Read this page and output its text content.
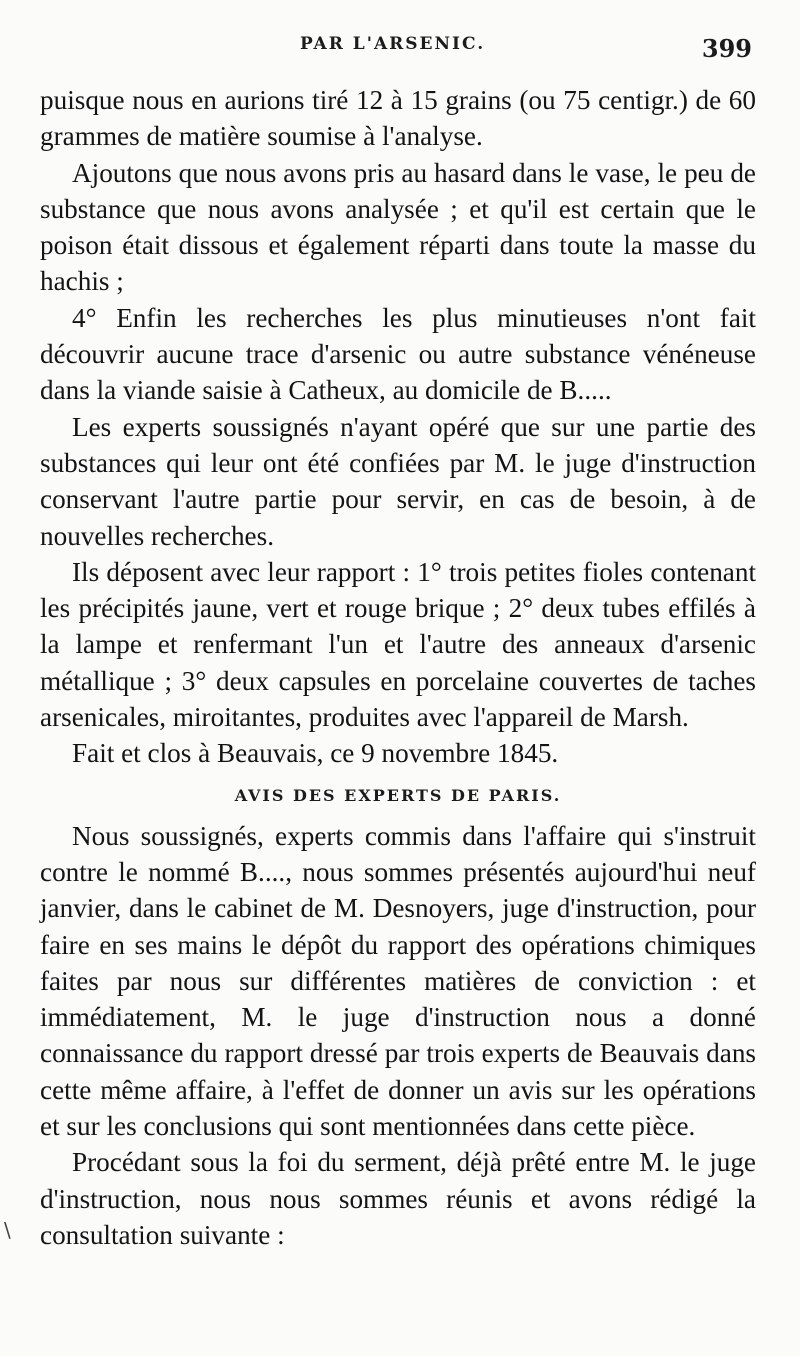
PAR L'ARSENIC.	399

puisque nous en aurions tiré 12 à 15 grains (ou 75 centigr.) de 60 grammes de matière soumise à l'analyse.

Ajoutons que nous avons pris au hasard dans le vase, le peu de substance que nous avons analysée ; et qu'il est certain que le poison était dissous et également réparti dans toute la masse du hachis ;

4° Enfin les recherches les plus minutieuses n'ont fait découvrir aucune trace d'arsenic ou autre substance vénéneuse dans la viande saisie à Catheux, au domicile de B.....

Les experts soussignés n'ayant opéré que sur une partie des substances qui leur ont été confiées par M. le juge d'instruction conservant l'autre partie pour servir, en cas de besoin, à de nouvelles recherches.

Ils déposent avec leur rapport : 1° trois petites fioles contenant les précipités jaune, vert et rouge brique ; 2° deux tubes effilés à la lampe et renfermant l'un et l'autre des anneaux d'arsenic métallique ; 3° deux capsules en porcelaine couvertes de taches arsenicales, miroitantes, produites avec l'appareil de Marsh.

Fait et clos à Beauvais, ce 9 novembre 1845.

AVIS DES EXPERTS DE PARIS.

Nous soussignés, experts commis dans l'affaire qui s'instruit contre le nommé B...., nous sommes présentés aujourd'hui neuf janvier, dans le cabinet de M. Desnoyers, juge d'instruction, pour faire en ses mains le dépôt du rapport des opérations chimiques faites par nous sur différentes matières de conviction : et immédiatement, M. le juge d'instruction nous a donné connaissance du rapport dressé par trois experts de Beauvais dans cette même affaire, à l'effet de donner un avis sur les opérations et sur les conclusions qui sont mentionnées dans cette pièce.

Procédant sous la foi du serment, déjà prêté entre M. le juge d'instruction, nous nous sommes réunis et avons rédigé la consultation suivante :

\
